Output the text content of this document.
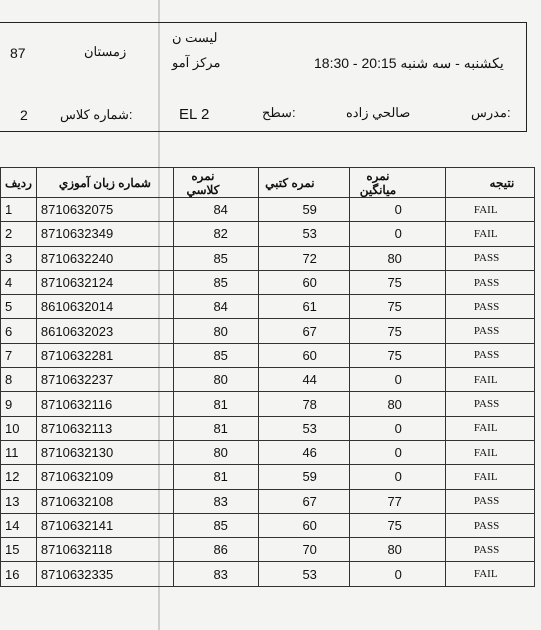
87	زمستان
ليست ن
مركز آمو	يكشنبه - سه شنبه 20:15 - 18:30
2 شماره كلاس:	EL 2	سطح:	صالحي زاده	مدرس:
رديف	شماره زبان آموزي	نمره كلاسي	نمره كتبي	نمره ميانگين	نتيجه
1	8710632075	84	59	0	FAIL
2	8710632349	82	53	0	FAIL
3	8710632240	85	72	80	PASS
4	8710632124	85	60	75	PASS
5	8610632014	84	61	75	PASS
6	8610632023	80	67	75	PASS
7	8710632281	85	60	75	PASS
8	8710632237	80	44	0	FAIL
9	8710632116	81	78	80	PASS
10	8710632113	81	53	0	FAIL
11	8710632130	80	46	0	FAIL
12	8710632109	81	59	0	FAIL
13	8710632108	83	67	77	PASS
14	8710632141	85	60	75	PASS
15	8710632118	86	70	80	PASS
16	8710632335	83	53	0	FAIL
